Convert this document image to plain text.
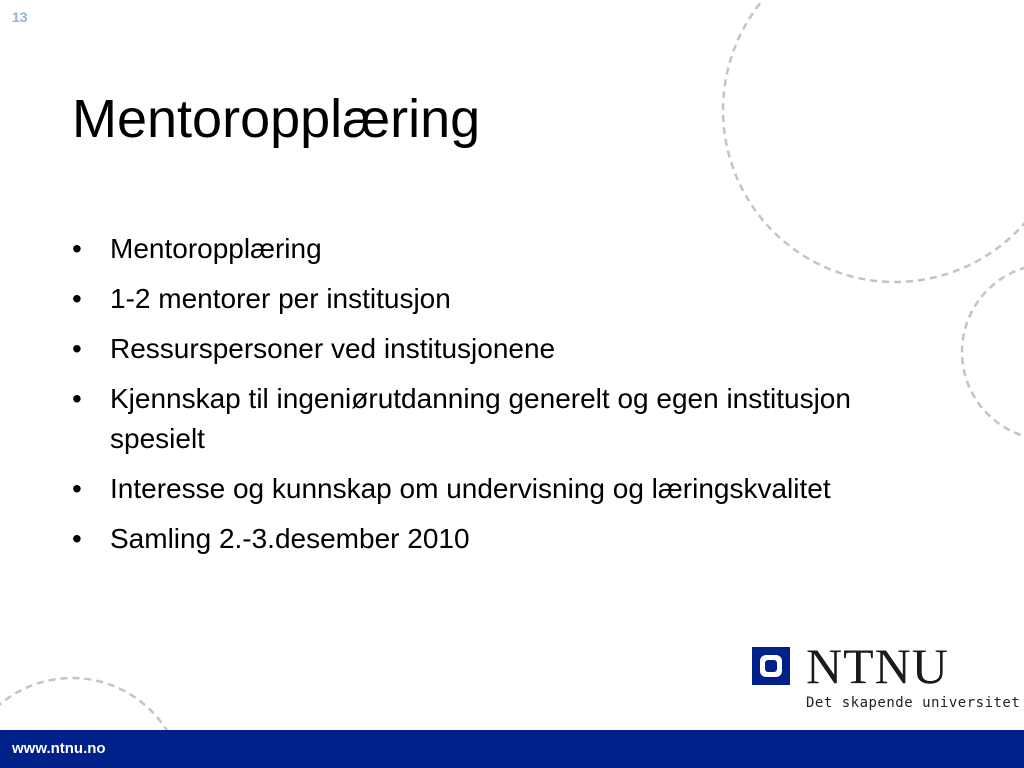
13
Mentoropplæring
• Mentoropplæring
• 1-2 mentorer per institusjon
• Ressurspersoner ved institusjonene
• Kjennskap til ingeniørutdanning generelt og egen institusjon spesielt
• Interesse og kunnskap om undervisning og læringskvalitet
• Samling 2.-3.desember 2010
NTNU
Det skapende universitet
www.ntnu.no
